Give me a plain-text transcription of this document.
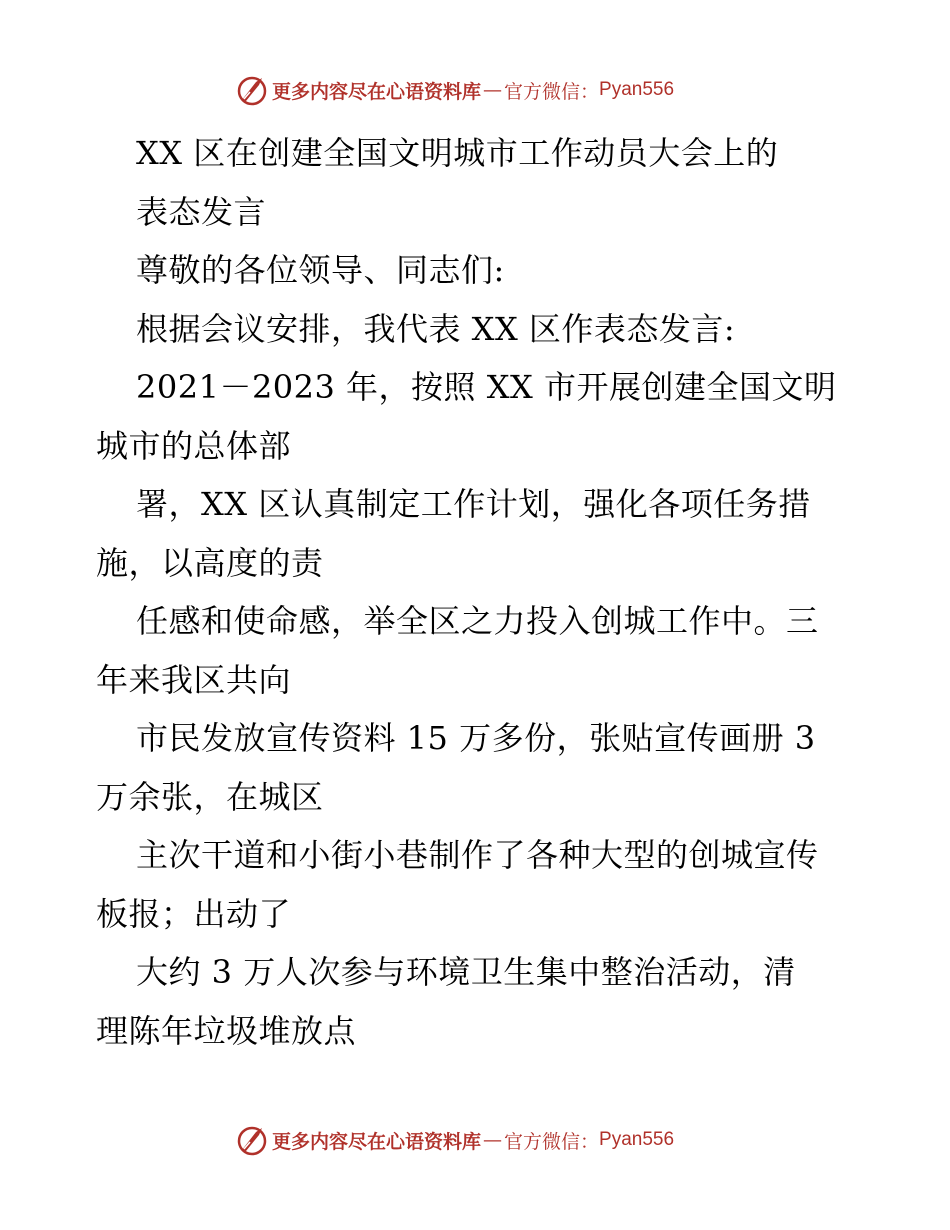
更多内容尽在心语资料库 — 官方微信： Pyan556
XX 区在创建全国文明城市工作动员大会上的
表态发言
尊敬的各位领导、同志们:
根据会议安排，我代表 XX 区作表态发言:
2021－2023 年，按照 XX 市开展创建全国文明
城市的总体部
署，XX 区认真制定工作计划，强化各项任务措
施，以高度的责
任感和使命感，举全区之力投入创城工作中。三
年来我区共向
市民发放宣传资料 15 万多份，张贴宣传画册 3
万余张，在城区
主次干道和小街小巷制作了各种大型的创城宣传
板报；出动了
大约 3 万人次参与环境卫生集中整治活动，清
理陈年垃圾堆放点
更多内容尽在心语资料库 — 官方微信： Pyan556
